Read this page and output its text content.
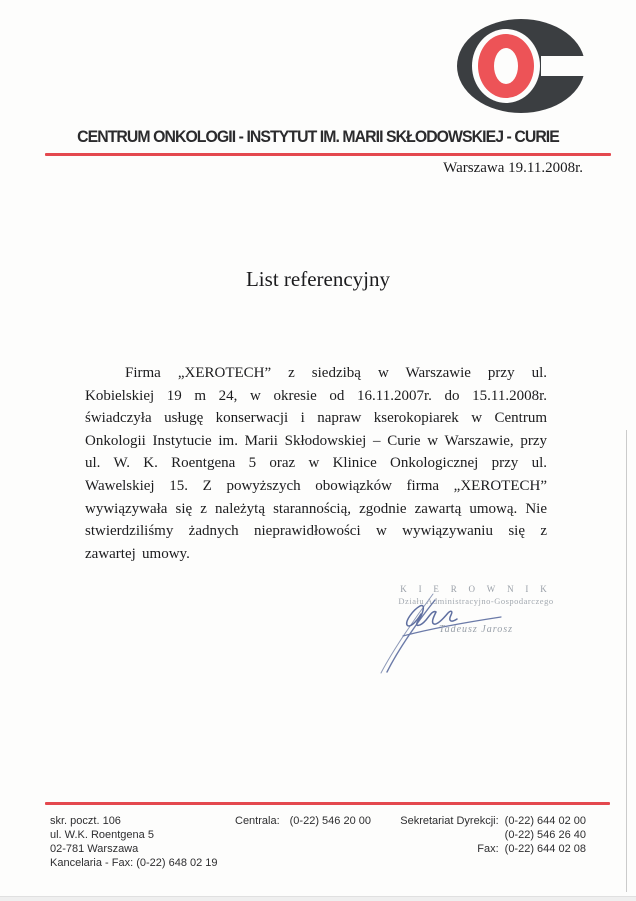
CENTRUM ONKOLOGII - INSTYTUT IM. MARII SKŁODOWSKIEJ - CURIE
Warszawa 19.11.2008r.
List referencyjny
Firma „XEROTECH” z siedzibą w Warszawie przy ul. Kobielskiej 19 m 24, w okresie od 16.11.2007r. do 15.11.2008r. świadczyła usługę konserwacji i napraw kserokopiarek w Centrum Onkologii Instytucie im. Marii Skłodowskiej – Curie w Warszawie, przy ul. W. K. Roentgena 5 oraz w Klinice Onkologicznej przy ul. Wawelskiej 15. Z powyższych obowiązków firma „XEROTECH” wywiązywała się z należytą starannością, zgodnie zawartą umową. Nie stwierdziliśmy żadnych nieprawidłowości w wywiązywaniu się z zawartej umowy.
K I E R O W N I K
Działu Administracyjno-Gospodarczego
Tadeusz Jarosz
skr. poczt. 106
ul. W.K. Roentgena 5
02-781 Warszawa
Kancelaria - Fax: (0-22) 648 02 19
Centrala: (0-22) 546 20 00	Sekretariat Dyrekcji: (0-22) 644 02 00
(0-22) 546 26 40
Fax: (0-22) 644 02 08
